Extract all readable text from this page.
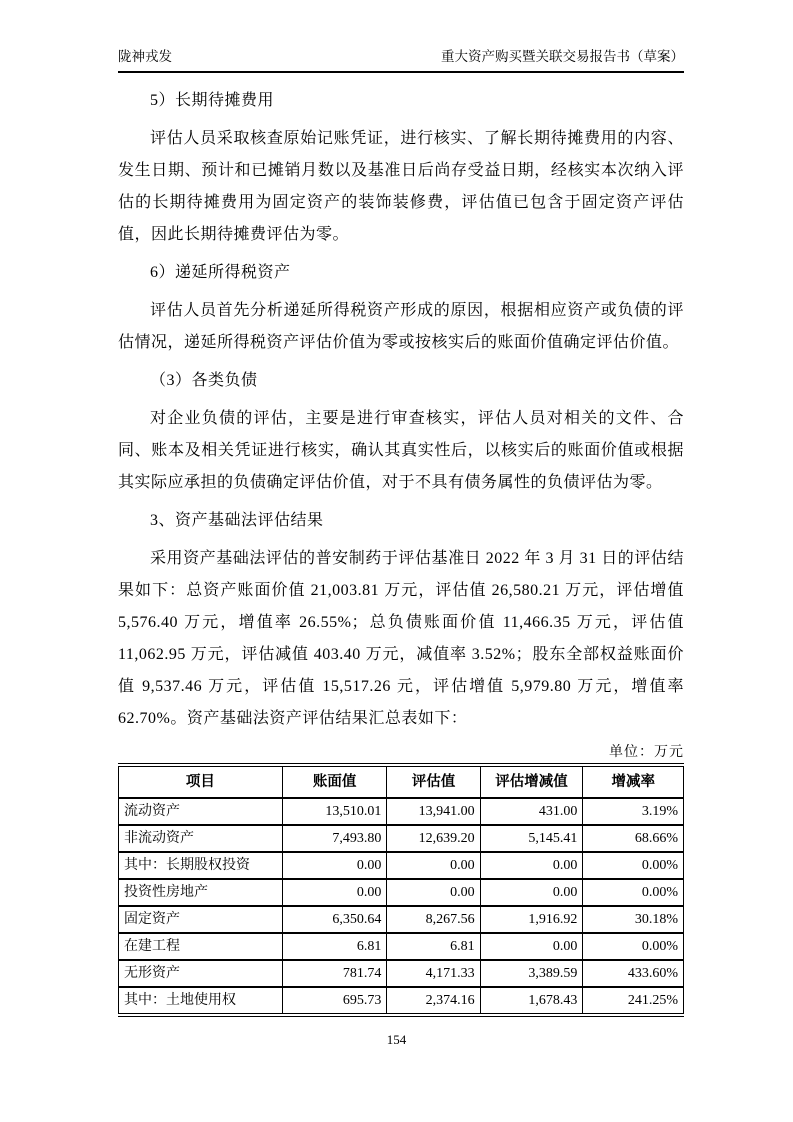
陇神戎发	重大资产购买暨关联交易报告书（草案）
5）长期待摊费用

评估人员采取核查原始记账凭证，进行核实、了解长期待摊费用的内容、发生日期、预计和已摊销月数以及基准日后尚存受益日期，经核实本次纳入评估的长期待摊费用为固定资产的装饰装修费，评估值已包含于固定资产评估值，因此长期待摊费评估为零。

6）递延所得税资产

评估人员首先分析递延所得税资产形成的原因，根据相应资产或负债的评估情况，递延所得税资产评估价值为零或按核实后的账面价值确定评估价值。

（3）各类负债

对企业负债的评估，主要是进行审查核实，评估人员对相关的文件、合同、账本及相关凭证进行核实，确认其真实性后，以核实后的账面价值或根据其实际应承担的负债确定评估价值，对于不具有债务属性的负债评估为零。

3、资产基础法评估结果

采用资产基础法评估的普安制药于评估基准日 2022 年 3 月 31 日的评估结果如下：总资产账面价值 21,003.81 万元，评估值 26,580.21 万元，评估增值 5,576.40 万元，增值率 26.55%；总负债账面价值 11,466.35 万元，评估值 11,062.95 万元，评估减值 403.40 万元，减值率 3.52%；股东全部权益账面价值 9,537.46 万元，评估值 15,517.26 元，评估增值 5,979.80 万元，增值率 62.70%。资产基础法资产评估结果汇总表如下：

单位：万元
项目	账面值	评估值	评估增减值	增减率
流动资产	13,510.01	13,941.00	431.00	3.19%
非流动资产	7,493.80	12,639.20	5,145.41	68.66%
其中：长期股权投资	0.00	0.00	0.00	0.00%
投资性房地产	0.00	0.00	0.00	0.00%
固定资产	6,350.64	8,267.56	1,916.92	30.18%
在建工程	6.81	6.81	0.00	0.00%
无形资产	781.74	4,171.33	3,389.59	433.60%
其中：土地使用权	695.73	2,374.16	1,678.43	241.25%
154
